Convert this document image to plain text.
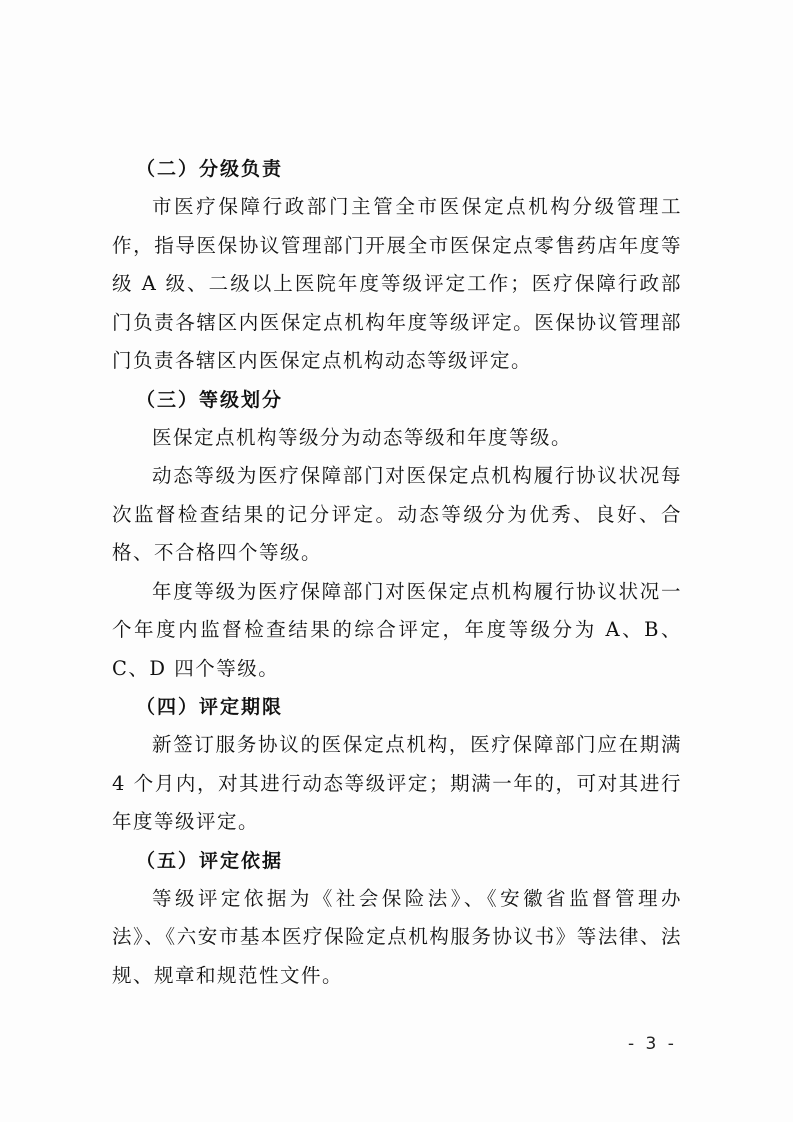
（二）分级负责

市医疗保障行政部门主管全市医保定点机构分级管理工作，指导医保协议管理部门开展全市医保定点零售药店年度等级 A 级、二级以上医院年度等级评定工作；医疗保障行政部门负责各辖区内医保定点机构年度等级评定。医保协议管理部门负责各辖区内医保定点机构动态等级评定。

（三）等级划分

医保定点机构等级分为动态等级和年度等级。

动态等级为医疗保障部门对医保定点机构履行协议状况每次监督检查结果的记分评定。动态等级分为优秀、良好、合格、不合格四个等级。

年度等级为医疗保障部门对医保定点机构履行协议状况一个年度内监督检查结果的综合评定，年度等级分为 A、B、C、D 四个等级。

（四）评定期限

新签订服务协议的医保定点机构，医疗保障部门应在期满 4 个月内，对其进行动态等级评定；期满一年的，可对其进行年度等级评定。

（五）评定依据

等级评定依据为《社会保险法》、《安徽省监督管理办法》、《六安市基本医疗保险定点机构服务协议书》等法律、法规、规章和规范性文件。

- 3 -
